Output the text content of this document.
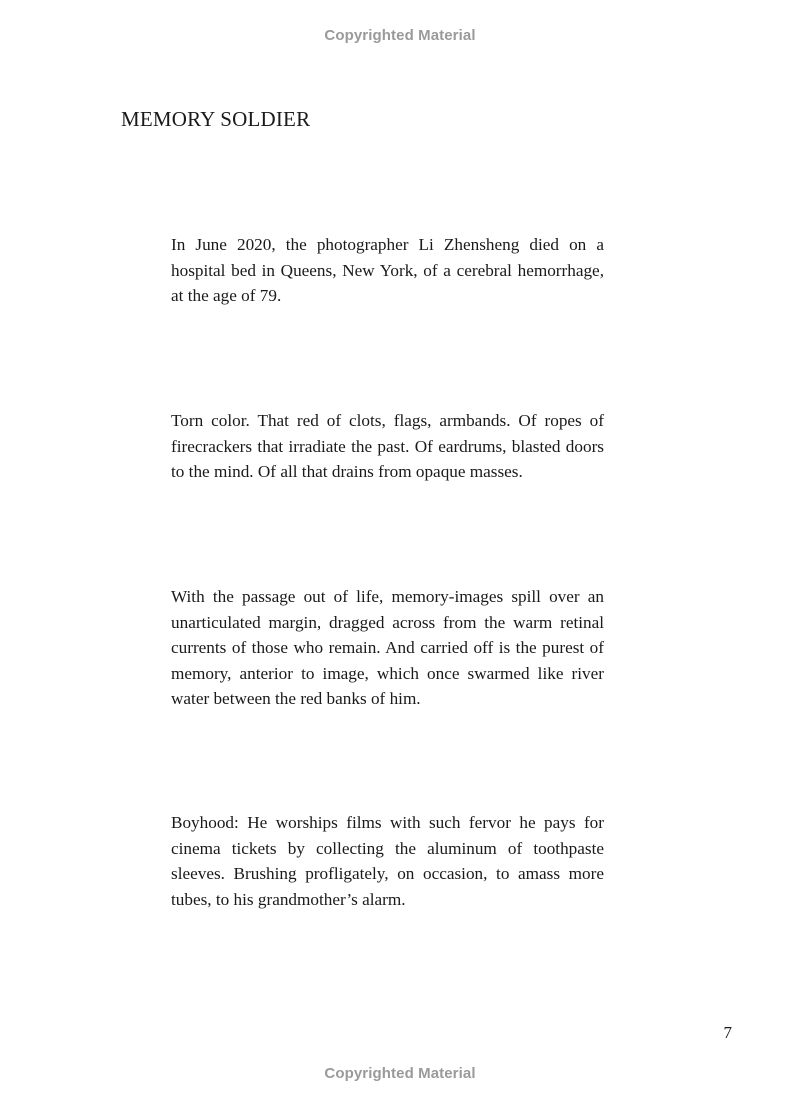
Copyrighted Material
MEMORY SOLDIER

In June 2020, the photographer Li Zhensheng died on a hospital bed in Queens, New York, of a cerebral hemorrhage, at the age of 79.

Torn color. That red of clots, flags, armbands. Of ropes of firecrackers that irradiate the past. Of eardrums, blasted doors to the mind. Of all that drains from opaque masses.

With the passage out of life, memory-images spill over an unarticulated margin, dragged across from the warm retinal currents of those who remain. And carried off is the purest of memory, anterior to image, which once swarmed like river water between the red banks of him.

Boyhood: He worships films with such fervor he pays for cinema tickets by collecting the aluminum of toothpaste sleeves. Brushing profligately, on occasion, to amass more tubes, to his grandmother’s alarm.

7
Copyrighted Material
